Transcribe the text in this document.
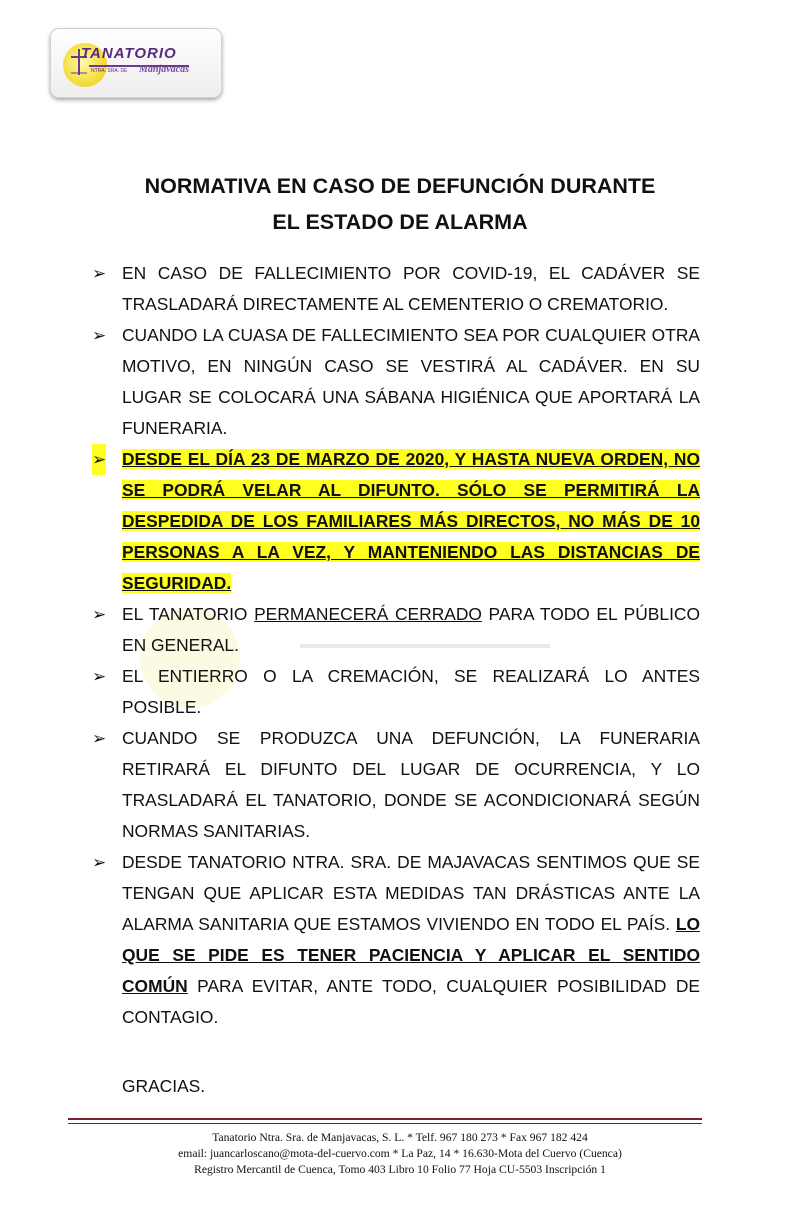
TANATORIO
NTRA. SRA. DE Manjavacas
NORMATIVA EN CASO DE DEFUNCIÓN DURANTE
EL ESTADO DE ALARMA
➢ EN CASO DE FALLECIMIENTO POR COVID-19, EL CADÁVER SE TRASLADARÁ DIRECTAMENTE AL CEMENTERIO O CREMATORIO.
➢ CUANDO LA CUASA DE FALLECIMIENTO SEA POR CUALQUIER OTRA MOTIVO, EN NINGÚN CASO SE VESTIRÁ AL CADÁVER. EN SU LUGAR SE COLOCARÁ UNA SÁBANA HIGIÉNICA QUE APORTARÁ LA FUNERARIA.
➢ DESDE EL DÍA 23 DE MARZO DE 2020, Y HASTA NUEVA ORDEN, NO SE PODRÁ VELAR AL DIFUNTO. SÓLO SE PERMITIRÁ LA DESPEDIDA DE LOS FAMILIARES MÁS DIRECTOS, NO MÁS DE 10 PERSONAS A LA VEZ, Y MANTENIENDO LAS DISTANCIAS DE SEGURIDAD.
➢ EL TANATORIO PERMANECERÁ CERRADO PARA TODO EL PÚBLICO EN GENERAL.
➢ EL ENTIERRO O LA CREMACIÓN, SE REALIZARÁ LO ANTES POSIBLE.
➢ CUANDO SE PRODUZCA UNA DEFUNCIÓN, LA FUNERARIA RETIRARÁ EL DIFUNTO DEL LUGAR DE OCURRENCIA, Y LO TRASLADARÁ EL TANATORIO, DONDE SE ACONDICIONARÁ SEGÚN NORMAS SANITARIAS.
➢ DESDE TANATORIO NTRA. SRA. DE MAJAVACAS SENTIMOS QUE SE TENGAN QUE APLICAR ESTA MEDIDAS TAN DRÁSTICAS ANTE LA ALARMA SANITARIA QUE ESTAMOS VIVIENDO EN TODO EL PAÍS. LO QUE SE PIDE ES TENER PACIENCIA Y APLICAR EL SENTIDO COMÚN PARA EVITAR, ANTE TODO, CUALQUIER POSIBILIDAD DE CONTAGIO.
GRACIAS.
Tanatorio Ntra. Sra. de Manjavacas, S. L. * Telf. 967 180 273 * Fax 967 182 424
email: juancarloscano@mota-del-cuervo.com * La Paz, 14 * 16.630-Mota del Cuervo (Cuenca)
Registro Mercantil de Cuenca, Tomo 403 Libro 10 Folio 77 Hoja CU-5503 Inscripción 1
